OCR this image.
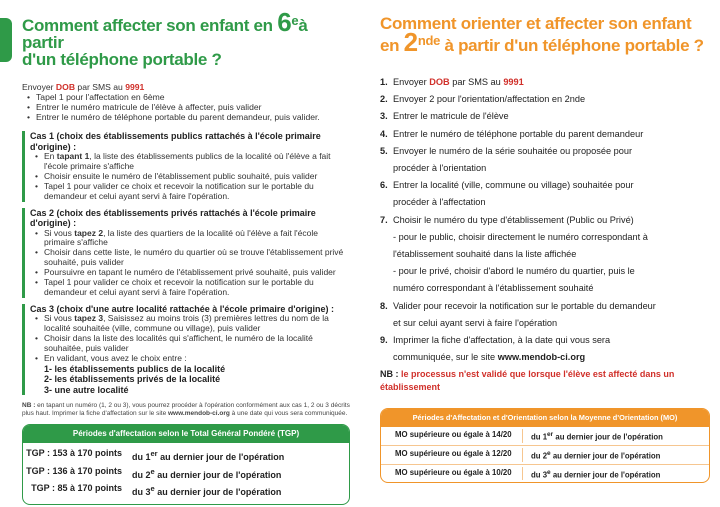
Comment affecter son enfant en 6eà partir
d'un téléphone portable ?
Envoyer DOB par SMS au 9991
• Tapel 1 pour l'affectation en 6ème
• Entrer le numéro matricule de l'élève à affecter, puis valider
• Entrer le numéro de téléphone portable du parent demandeur, puis valider.
Cas 1 (choix des établissements publics rattachés à l'école primaire d'origine) :
• En tapant 1, la liste des établissements publics de la localité où l'élève a fait l'école primaire s'affiche
• Choisir ensuite le numéro de l'établissement public souhaité, puis valider
• Tapel 1 pour valider ce choix et recevoir la notification sur le portable du demandeur et celui ayant servi à faire l'opération.
Cas 2 (choix des établissements privés rattachés à l'école primaire d'origine) :
• Si vous tapez 2, la liste des quartiers de la localité où l'élève a fait l'école primaire s'affiche
• Choisir dans cette liste, le numéro du quartier où se trouve l'établissement privé souhaité, puis valider
• Poursuivre en tapant le numéro de l'établissement privé souhaité, puis valider
• Tapel 1 pour valider ce choix et recevoir la notification sur le portable du demandeur et celui ayant servi à faire l'opération.
Cas 3 (choix d'une autre localité rattachée à l'école primaire d'origine) :
• Si vous tapez 3, Saisissez au moins trois (3) premières lettres du nom de la localité souhaitée (ville, commune ou village), puis valider
• Choisir dans la liste des localités qui s'affichent, le numéro de la localité souhaitée, puis valider
• En validant, vous avez le choix entre :
1- les établissements publics de la localité
2- les établissements privés de la localité
3- une autre localité
NB : en tapant un numéro (1, 2 ou 3), vous pourrez procéder à l'opération conformément aux cas 1, 2 ou 3 décrits plus haut. Imprimer la fiche d'affectation sur le site www.mendob-ci.org à une date qui vous sera communiquée.
Périodes d'affectation selon le Total Général Pondéré (TGP)
TGP : 153 à 170 points	du 1er au dernier jour de l'opération
TGP : 136 à 170 points	du 2e au dernier jour de l'opération
TGP : 85 à 170 points	du 3e au dernier jour de l'opération
Comment orienter et affecter son enfant
en 2nde à partir d'un téléphone portable ?
1. Envoyer DOB par SMS au 9991
2. Envoyer 2 pour l'orientation/affectation en 2nde
3. Entrer le matricule de l'élève
4. Entrer le numéro de téléphone portable du parent demandeur
5. Envoyer le numéro de la série souhaitée ou proposée pour
procéder à l'orientation
6. Entrer la localité (ville, commune ou village) souhaitée pour
procéder à l'affectation
7. Choisir le numéro du type d'établissement (Public ou Privé)
- pour le public, choisir directement le numéro correspondant à
l'établissement souhaité dans la liste affichée
- pour le privé, choisir d'abord le numéro du quartier, puis le
numéro correspondant à l'établissement souhaité
8. Valider pour recevoir la notification sur le portable du demandeur
et sur celui ayant servi à faire l'opération
9. Imprimer la fiche d'affectation, à la date qui vous sera
communiquée, sur le site www.mendob-ci.org
NB : le processus n'est validé que lorsque l'élève est affecté dans un établissement
Périodes d'Affectation et d'Orientation selon la Moyenne d'Orientation (MO)
MO supérieure ou égale à 14/20	du 1er au dernier jour de l'opération
MO supérieure ou égale à 12/20	du 2e au dernier jour de l'opération
MO supérieure ou égale à 10/20	du 3e au dernier jour de l'opération
